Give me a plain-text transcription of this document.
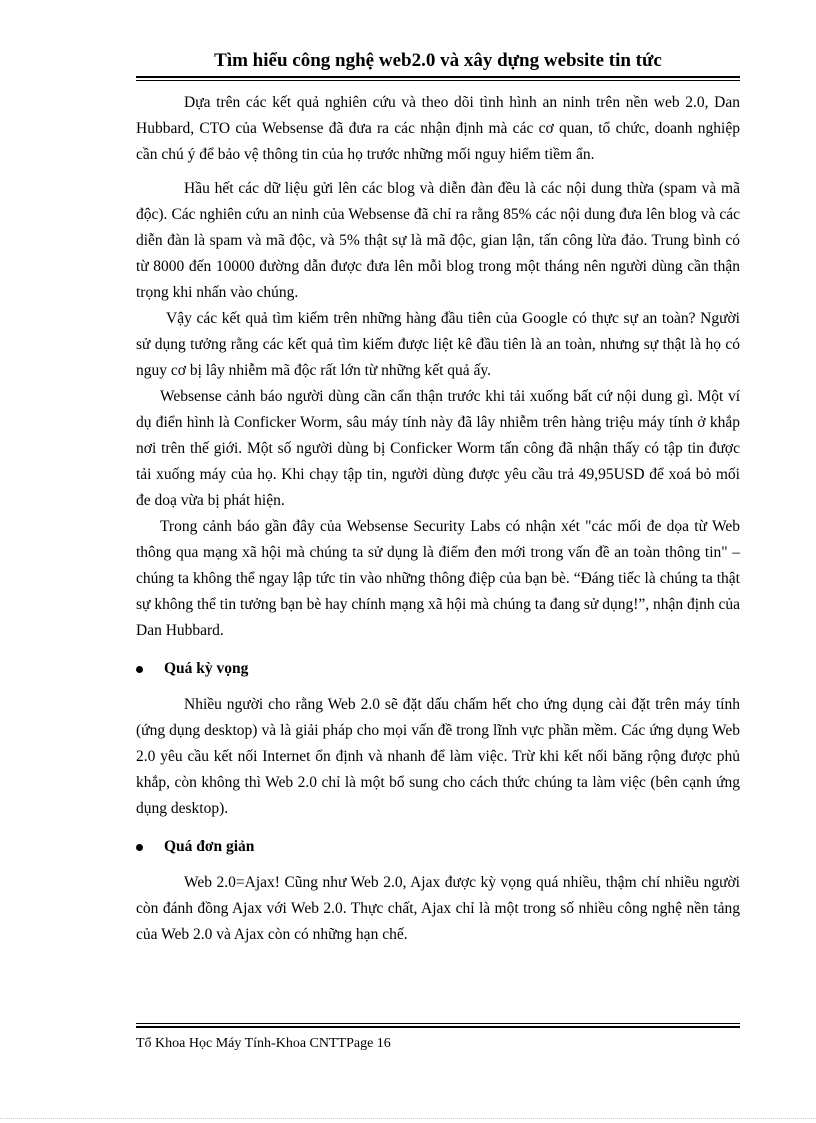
Tìm hiểu công nghệ web2.0 và xây dựng website tin tức

Dựa trên các kết quả nghiên cứu và theo dõi tình hình an ninh trên nền web 2.0, Dan Hubbard, CTO của Websense đã đưa ra các nhận định mà các cơ quan, tổ chức, doanh nghiệp cần chú ý để bảo vệ thông tin của họ trước những mối nguy hiểm tiềm ẩn.

Hầu hết các dữ liệu gửi lên các blog và diễn đàn đều là các nội dung thừa (spam và mã độc). Các nghiên cứu an ninh của Websense đã chỉ ra rằng 85% các nội dung đưa lên blog và các diễn đàn là spam và mã độc, và 5% thật sự là mã độc, gian lận, tấn công lừa đảo. Trung bình có từ 8000 đến 10000 đường dẫn được đưa lên mỗi blog trong một tháng nên người dùng cần thận trọng khi nhấn vào chúng.

Vậy các kết quả tìm kiếm trên những hàng đầu tiên của Google có thực sự an toàn? Người sử dụng tưởng rằng các kết quả tìm kiếm được liệt kê đầu tiên là an toàn, nhưng sự thật là họ có nguy cơ bị lây nhiễm mã độc rất lớn từ những kết quả ấy.

Websense cảnh báo người dùng cần cẩn thận trước khi tải xuống bất cứ nội dung gì. Một ví dụ điển hình là Conficker Worm, sâu máy tính này đã lây nhiễm trên hàng triệu máy tính ở khắp nơi trên thế giới. Một số người dùng bị Conficker Worm tấn công đã nhận thấy có tập tin được tải xuống máy của họ. Khi chạy tập tin, người dùng được yêu cầu trả 49,95USD để xoá bỏ mối đe doạ vừa bị phát hiện.

Trong cảnh báo gần đây của Websense Security Labs có nhận xét "các mối đe dọa từ Web thông qua mạng xã hội mà chúng ta sử dụng là điểm đen mới trong vấn đề an toàn thông tin" – chúng ta không thể ngay lập tức tin vào những thông điệp của bạn bè. “Đáng tiếc là chúng ta thật sự không thể tin tưởng bạn bè hay chính mạng xã hội mà chúng ta đang sử dụng!”, nhận định của Dan Hubbard.

Quá kỳ vọng

Nhiều người cho rằng Web 2.0 sẽ đặt dấu chấm hết cho ứng dụng cài đặt trên máy tính (ứng dụng desktop) và là giải pháp cho mọi vấn đề trong lĩnh vực phần mềm. Các ứng dụng Web 2.0 yêu cầu kết nối Internet ổn định và nhanh để làm việc. Trừ khi kết nối băng rộng được phủ khắp, còn không thì Web 2.0 chỉ là một bổ sung cho cách thức chúng ta làm việc (bên cạnh ứng dụng desktop).

Quá đơn giản

Web 2.0=Ajax! Cũng như Web 2.0, Ajax được kỳ vọng quá nhiều, thậm chí nhiều người còn đánh đồng Ajax với Web 2.0. Thực chất, Ajax chỉ là một trong số nhiều công nghệ nền tảng của Web 2.0 và Ajax còn có những hạn chế.

Tổ Khoa Học Máy Tính-Khoa CNTTPage 16
